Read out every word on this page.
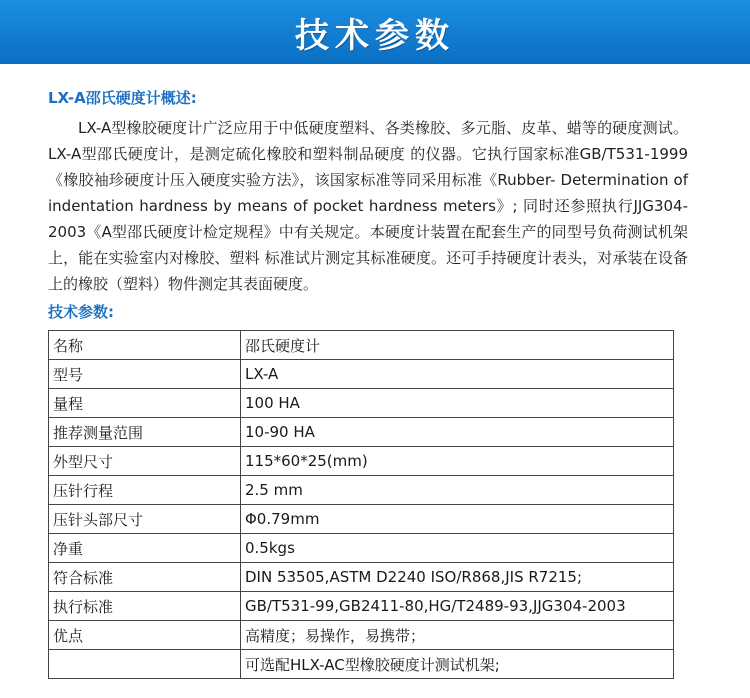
技术参数
LX-A邵氏硬度计概述:

LX-A型橡胶硬度计广泛应用于中低硬度塑料、各类橡胶、多元脂、皮革、蜡等的硬度测试。LX-A型邵氏硬度计，是测定硫化橡胶和塑料制品硬度 的仪器。它执行国家标准GB/T531-1999《橡胶袖珍硬度计压入硬度实验方法》，该国家标准等同采用标准《Rubber- Determination of indentation hardness by means of pocket hardness meters》; 同时还参照执行JJG304-2003《A型邵氏硬度计检定规程》中有关规定。本硬度计装置在配套生产的同型号负荷测试机架上，能在实验室内对橡胶、塑料 标准试片测定其标准硬度。还可手持硬度计表头，对承装在设备上的橡胶（塑料）物件测定其表面硬度。

技术参数:
名称	邵氏硬度计
型号	LX-A
量程	100 HA
推荐测量范围	10-90 HA
外型尺寸	115*60*25(mm)
压针行程	2.5 mm
压针头部尺寸	Φ0.79mm
净重	0.5kgs
符合标准	DIN 53505,ASTM D2240 ISO/R868,JIS R7215;
执行标准	GB/T531-99,GB2411-80,HG/T2489-93,JJG304-2003
优点	高精度；易操作，易携带；
	可选配HLX-AC型橡胶硬度计测试机架;
